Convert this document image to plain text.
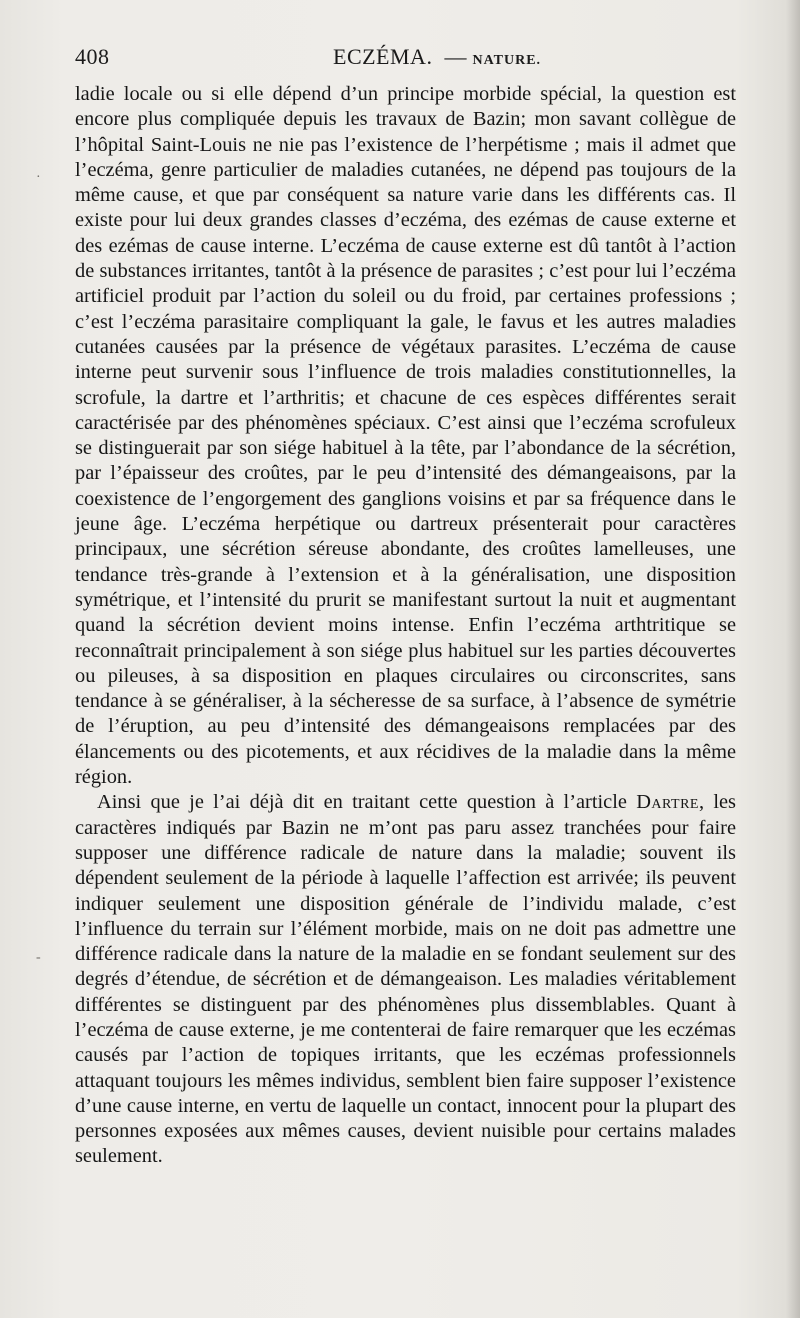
408	ECZÉMA. — NATURE.

ladie locale ou si elle dépend d’un principe morbide spécial, la question est encore plus compliquée depuis les travaux de Bazin; mon savant collègue de l’hôpital Saint-Louis ne nie pas l’existence de l’herpétisme ; mais il admet que l’eczéma, genre particulier de maladies cutanées, ne dépend pas toujours de la même cause, et que par conséquent sa nature varie dans les différents cas. Il existe pour lui deux grandes classes d’eczéma, des ezémas de cause externe et des ezémas de cause interne. L’eczéma de cause externe est dû tantôt à l’action de substances irritantes, tantôt à la présence de parasites ; c’est pour lui l’eczéma artificiel produit par l’action du soleil ou du froid, par certaines professions ; c’est l’eczéma parasitaire compliquant la gale, le favus et les autres maladies cutanées causées par la présence de végétaux parasites. L’eczéma de cause interne peut survenir sous l’influence de trois maladies constitutionnelles, la scrofule, la dartre et l’arthritis; et chacune de ces espèces différentes serait caractérisée par des phénomènes spéciaux. C’est ainsi que l’eczéma scrofuleux se distinguerait par son siége habituel à la tête, par l’abondance de la sécrétion, par l’épaisseur des croûtes, par le peu d’intensité des démangeaisons, par la coexistence de l’engorgement des ganglions voisins et par sa fréquence dans le jeune âge. L’eczéma herpétique ou dartreux présenterait pour caractères principaux, une sécrétion séreuse abondante, des croûtes lamelleuses, une tendance très-grande à l’extension et à la généralisation, une disposition symétrique, et l’intensité du prurit se manifestant surtout la nuit et augmentant quand la sécrétion devient moins intense. Enfin l’eczéma arthtritique se reconnaîtrait principalement à son siége plus habituel sur les parties découvertes ou pileuses, à sa disposition en plaques circulaires ou circonscrites, sans tendance à se généraliser, à la sécheresse de sa surface, à l’absence de symétrie de l’éruption, au peu d’intensité des démangeaisons remplacées par des élancements ou des picotements, et aux récidives de la maladie dans la même région.

Ainsi que je l’ai déjà dit en traitant cette question à l’article Dartre, les caractères indiqués par Bazin ne m’ont pas paru assez tranchées pour faire supposer une différence radicale de nature dans la maladie; souvent ils dépendent seulement de la période à laquelle l’affection est arrivée; ils peuvent indiquer seulement une disposition générale de l’individu malade, c’est l’influence du terrain sur l’élément morbide, mais on ne doit pas admettre une différence radicale dans la nature de la maladie en se fondant seulement sur des degrés d’étendue, de sécrétion et de démangeaison. Les maladies véritablement différentes se distinguent par des phénomènes plus dissemblables. Quant à l’eczéma de cause externe, je me contenterai de faire remarquer que les eczémas causés par l’action de topiques irritants, que les eczémas professionnels attaquant toujours les mêmes individus, semblent bien faire supposer l’existence d’une cause interne, en vertu de laquelle un contact, innocent pour la plupart des personnes exposées aux mêmes causes, devient nuisible pour certains malades seulement.

·
-
